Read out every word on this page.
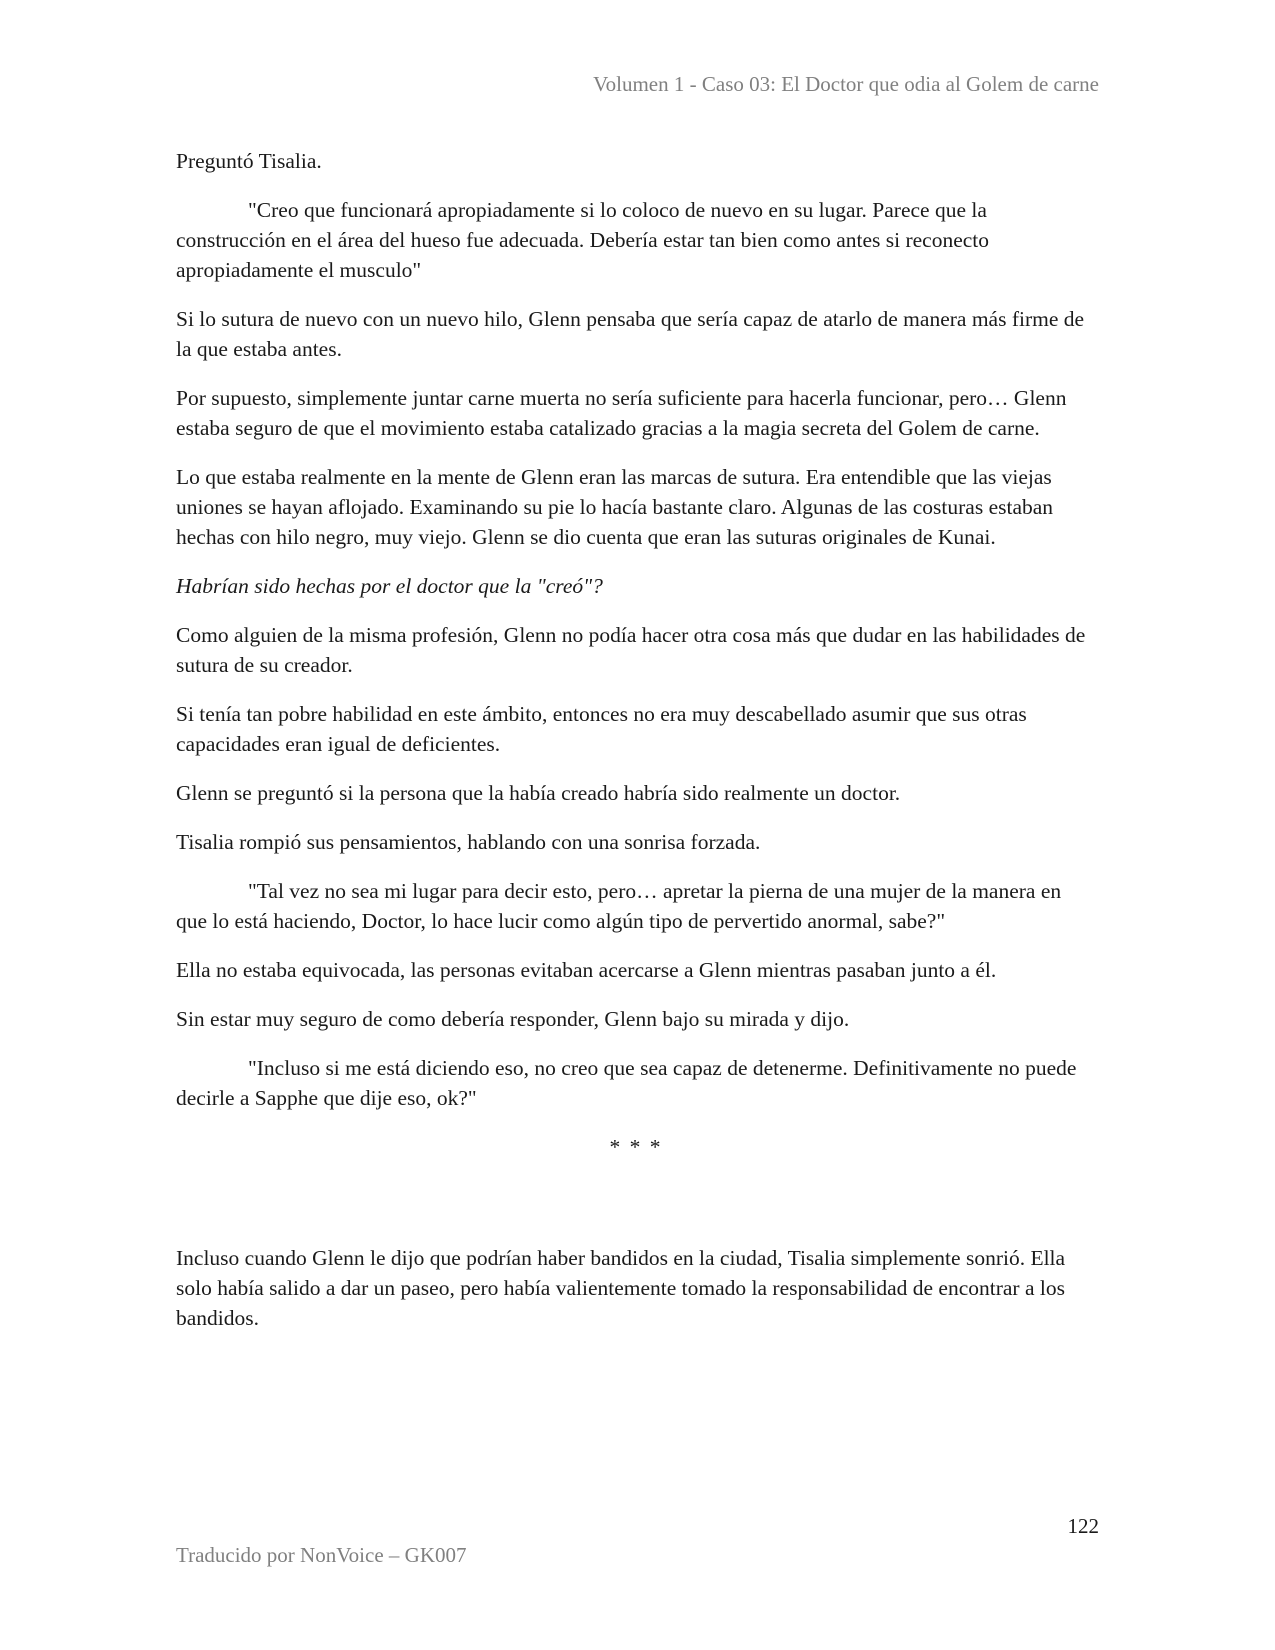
Volumen 1 - Caso 03: El Doctor que odia al Golem de carne

Preguntó Tisalia.

"Creo que funcionará apropiadamente si lo coloco de nuevo en su lugar. Parece que la construcción en el área del hueso fue adecuada. Debería estar tan bien como antes si reconecto apropiadamente el musculo"

Si lo sutura de nuevo con un nuevo hilo, Glenn pensaba que sería capaz de atarlo de manera más firme de la que estaba antes.

Por supuesto, simplemente juntar carne muerta no sería suficiente para hacerla funcionar, pero… Glenn estaba seguro de que el movimiento estaba catalizado gracias a la magia secreta del Golem de carne.

Lo que estaba realmente en la mente de Glenn eran las marcas de sutura. Era entendible que las viejas uniones se hayan aflojado. Examinando su pie lo hacía bastante claro. Algunas de las costuras estaban hechas con hilo negro, muy viejo. Glenn se dio cuenta que eran las suturas originales de Kunai.

Habrían sido hechas por el doctor que la "creó"?

Como alguien de la misma profesión, Glenn no podía hacer otra cosa más que dudar en las habilidades de sutura de su creador.

Si tenía tan pobre habilidad en este ámbito, entonces no era muy descabellado asumir que sus otras capacidades eran igual de deficientes.

Glenn se preguntó si la persona que la había creado habría sido realmente un doctor.

Tisalia rompió sus pensamientos, hablando con una sonrisa forzada.

"Tal vez no sea mi lugar para decir esto, pero… apretar la pierna de una mujer de la manera en que lo está haciendo, Doctor, lo hace lucir como algún tipo de pervertido anormal, sabe?"

Ella no estaba equivocada, las personas evitaban acercarse a Glenn mientras pasaban junto a él.

Sin estar muy seguro de como debería responder, Glenn bajo su mirada y dijo.

"Incluso si me está diciendo eso, no creo que sea capaz de detenerme. Definitivamente no puede decirle a Sapphe que dije eso, ok?"

* * *

Incluso cuando Glenn le dijo que podrían haber bandidos en la ciudad, Tisalia simplemente sonrió. Ella solo había salido a dar un paseo, pero había valientemente tomado la responsabilidad de encontrar a los bandidos.

122
Traducido por NonVoice – GK007
